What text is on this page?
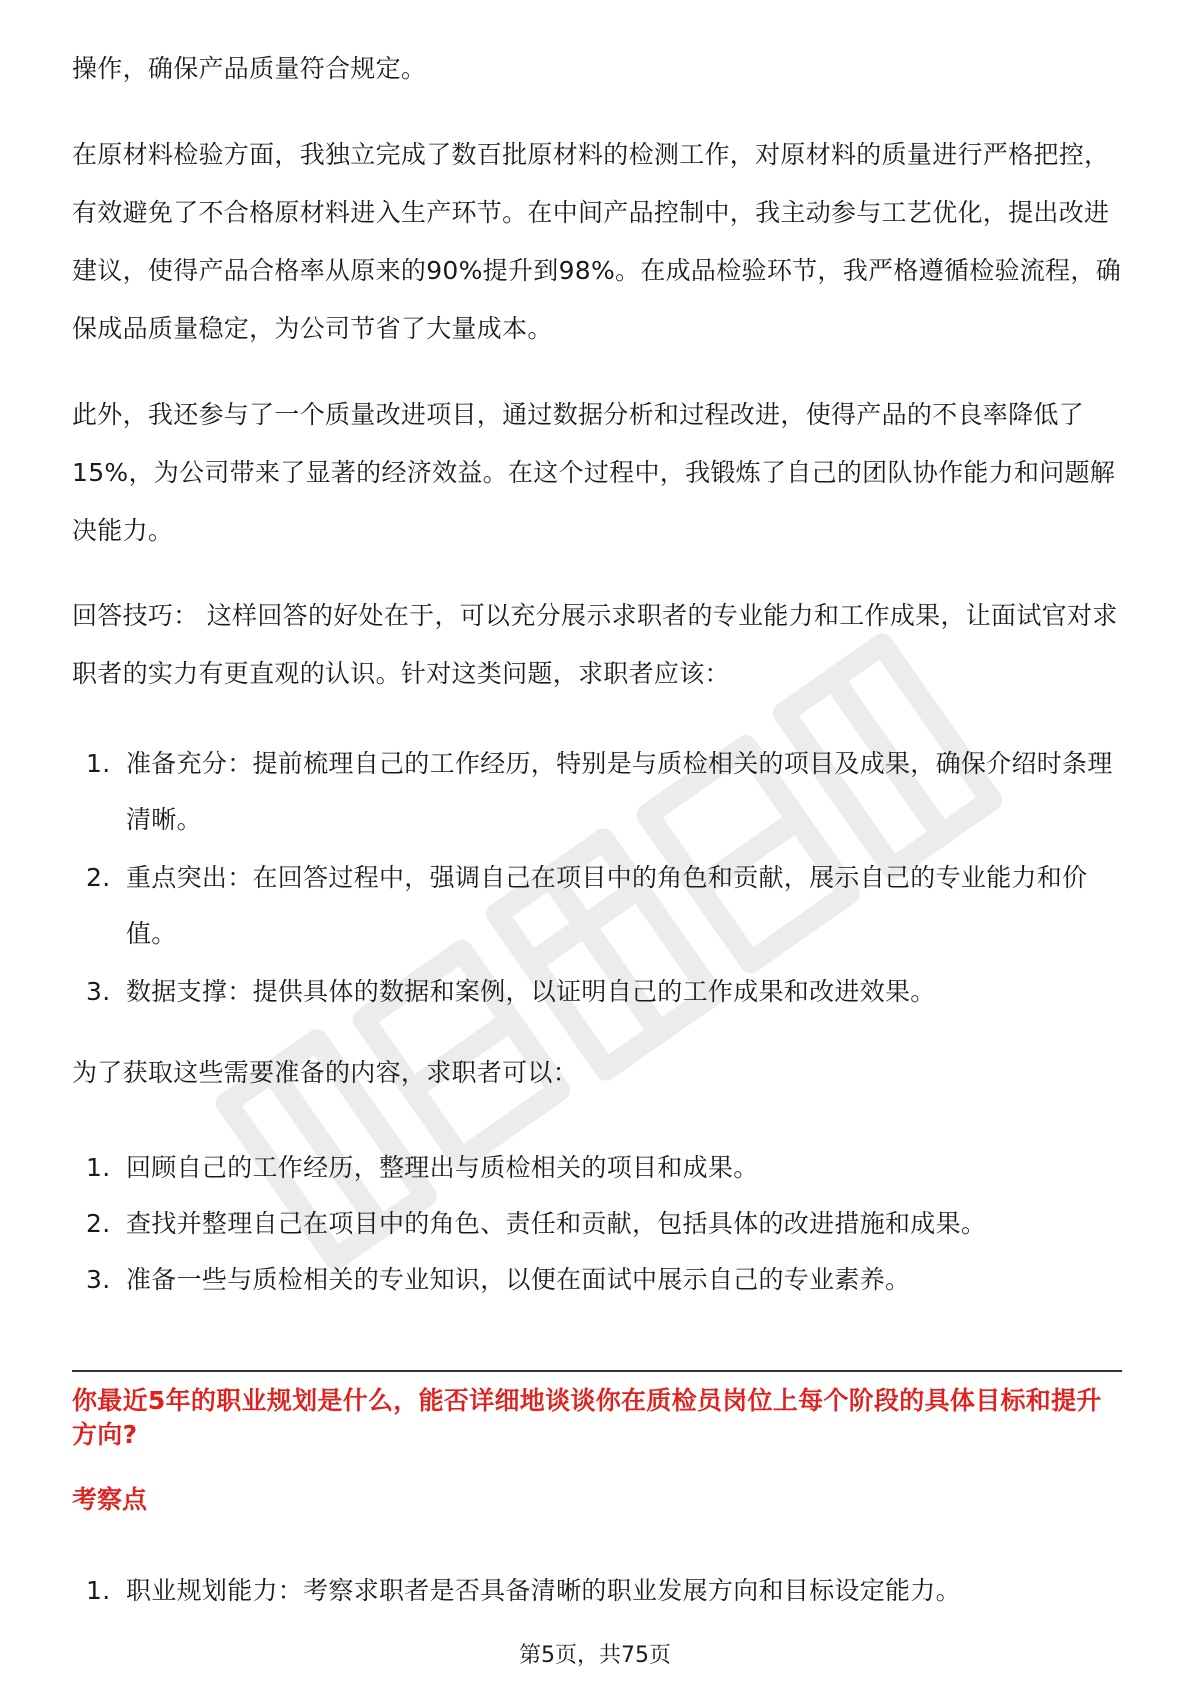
操作，确保产品质量符合规定。

在原材料检验方面，我独立完成了数百批原材料的检测工作，对原材料的质量进行严格把控，有效避免了不合格原材料进入生产环节。在中间产品控制中，我主动参与工艺优化，提出改进建议，使得产品合格率从原来的90%提升到98%。在成品检验环节，我严格遵循检验流程，确保成品质量稳定，为公司节省了大量成本。

此外，我还参与了一个质量改进项目，通过数据分析和过程改进，使得产品的不良率降低了15%，为公司带来了显著的经济效益。在这个过程中，我锻炼了自己的团队协作能力和问题解决能力。

回答技巧： 这样回答的好处在于，可以充分展示求职者的专业能力和工作成果，让面试官对求职者的实力有更直观的认识。针对这类问题，求职者应该：

1. 准备充分：提前梳理自己的工作经历，特别是与质检相关的项目及成果，确保介绍时条理清晰。
2. 重点突出：在回答过程中，强调自己在项目中的角色和贡献，展示自己的专业能力和价值。
3. 数据支撑：提供具体的数据和案例，以证明自己的工作成果和改进效果。

为了获取这些需要准备的内容，求职者可以：

1. 回顾自己的工作经历，整理出与质检相关的项目和成果。
2. 查找并整理自己在项目中的角色、责任和贡献，包括具体的改进措施和成果。
3. 准备一些与质检相关的专业知识，以便在面试中展示自己的专业素养。

你最近5年的职业规划是什么，能否详细地谈谈你在质检员岗位上每个阶段的具体目标和提升方向?

考察点

1. 职业规划能力：考察求职者是否具备清晰的职业发展方向和目标设定能力。
第5页，共75页
